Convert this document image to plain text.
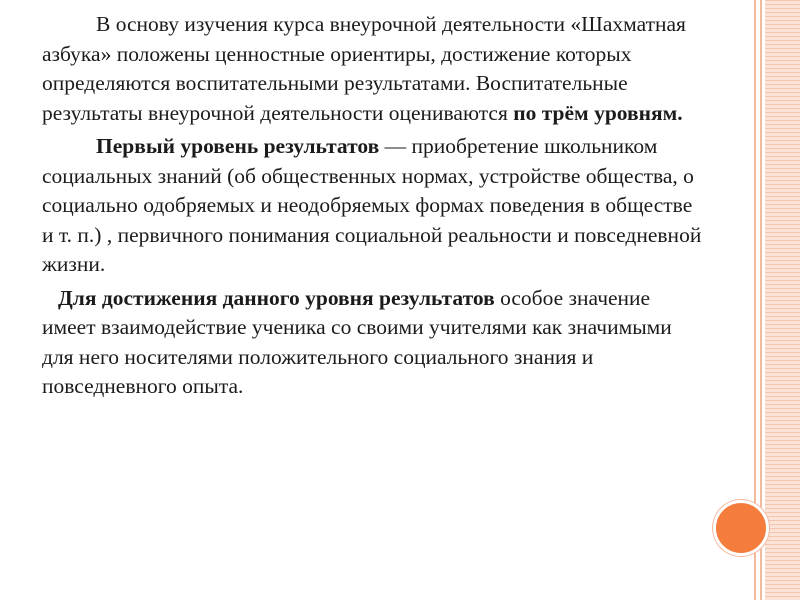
В основу изучения курса внеурочной деятельности «Шахматная азбука» положены ценностные ориентиры, достижение которых определяются воспитательными результатами. Воспитательные результаты внеурочной деятельности оцениваются по трём уровням.

Первый уровень результатов — приобретение школьником социальных знаний (об общественных нормах, устройстве общества, о социально одобряемых и неодобряемых формах поведения в обществе и т. п.) , первичного понимания социальной реальности и повседневной жизни.

Для достижения данного уровня результатов особое значение имеет взаимодействие ученика со своими учителями как значимыми для него носителями положительного социального знания и повседневного опыта.
